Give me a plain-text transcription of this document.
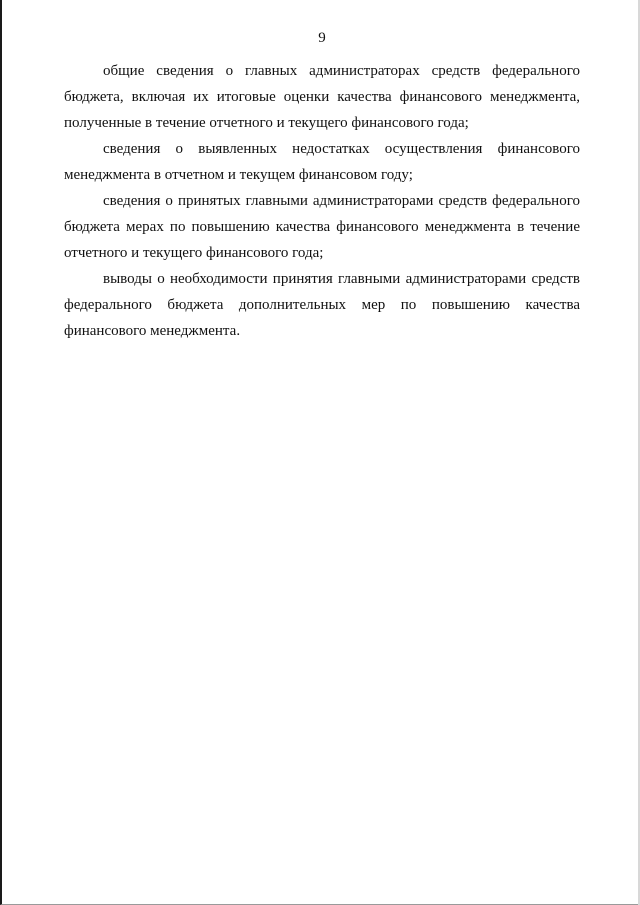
9

общие сведения о главных администраторах средств федерального бюджета, включая их итоговые оценки качества финансового менеджмента, полученные в течение отчетного и текущего финансового года;

сведения о выявленных недостатках осуществления финансового менеджмента в отчетном и текущем финансовом году;

сведения о принятых главными администраторами средств федерального бюджета мерах по повышению качества финансового менеджмента в течение отчетного и текущего финансового года;

выводы о необходимости принятия главными администраторами средств федерального бюджета дополнительных мер по повышению качества финансового менеджмента.
